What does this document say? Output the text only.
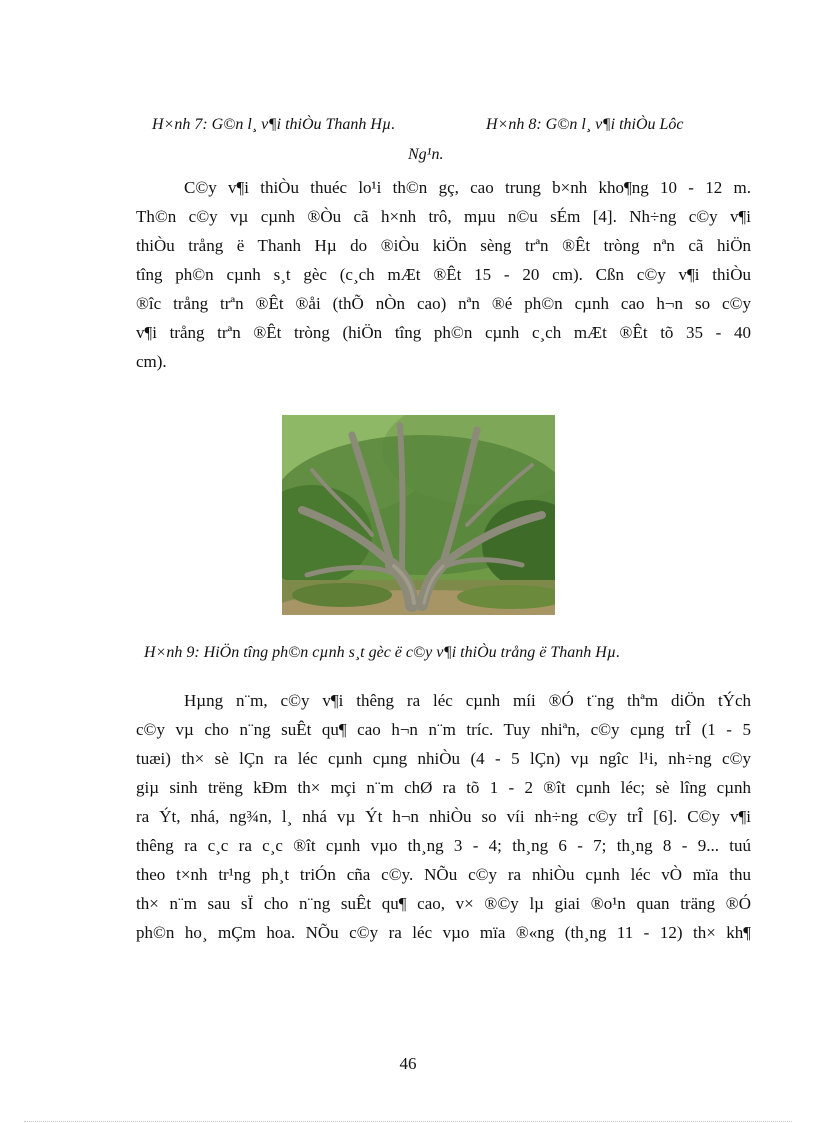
H×nh 7: G©n l¸ v¶i thiÒu Thanh Hµ.	H×nh 8: G©n l¸ v¶i thiÒu Lôc
Ng¹n.
C©y v¶i thiÒu thuéc lo¹i th©n gç, cao trung b×nh kho¶ng 10 - 12 m.
Th©n c©y vµ cµnh ®Òu cã h×nh trô, mµu n©u sÉm [4]. Nh÷ng c©y v¶i
thiÒu trång ë Thanh Hµ do ®iÒu kiÖn sèng trªn ®Êt tròng nªn cã hiÖn
tîng ph©n cµnh s¸t gèc (c¸ch mÆt ®Êt 15 - 20 cm). Cßn c©y v¶i thiÒu
®îc trång trªn ®Êt ®åi (thÕ nÒn cao) nªn ®é ph©n cµnh cao h¬n so c©y
v¶i trång trªn ®Êt tròng (hiÖn tîng ph©n cµnh c¸ch mÆt ®Êt tõ 35 - 40
cm).
H×nh 9: HiÖn tîng ph©n cµnh s¸t gèc ë c©y v¶i thiÒu trång ë Thanh Hµ.
Hµng n¨m, c©y v¶i thêng ra léc cµnh míi ®Ó t¨ng thªm diÖn tÝch
c©y vµ cho n¨ng suÊt qu¶ cao h¬n n¨m tríc. Tuy nhiªn, c©y cµng trÎ (1 - 5
tuæi) th× sè lÇn ra léc cµnh cµng nhiÒu (4 - 5 lÇn) vµ ngîc l¹i, nh÷ng c©y
giµ sinh trëng kÐm th× mçi n¨m chØ ra tõ 1 - 2 ®ît cµnh léc; sè lîng cµnh
ra Ýt, nhá, ng¾n, l¸ nhá vµ Ýt h¬n nhiÒu so víi nh÷ng c©y trÎ [6]. C©y v¶i
thêng ra c¸c ra c¸c ®ît cµnh vµo th¸ng 3 - 4; th¸ng 6 - 7; th¸ng 8 - 9... tuú
theo t×nh tr¹ng ph¸t triÓn cña c©y. NÕu c©y ra nhiÒu cµnh léc vÒ mïa thu
th× n¨m sau sÏ cho n¨ng suÊt qu¶ cao, v× ®©y lµ giai ®o¹n quan träng ®Ó
ph©n ho¸ mÇm hoa. NÕu c©y ra léc vµo mïa ®«ng (th¸ng 11 - 12) th× kh¶
46
